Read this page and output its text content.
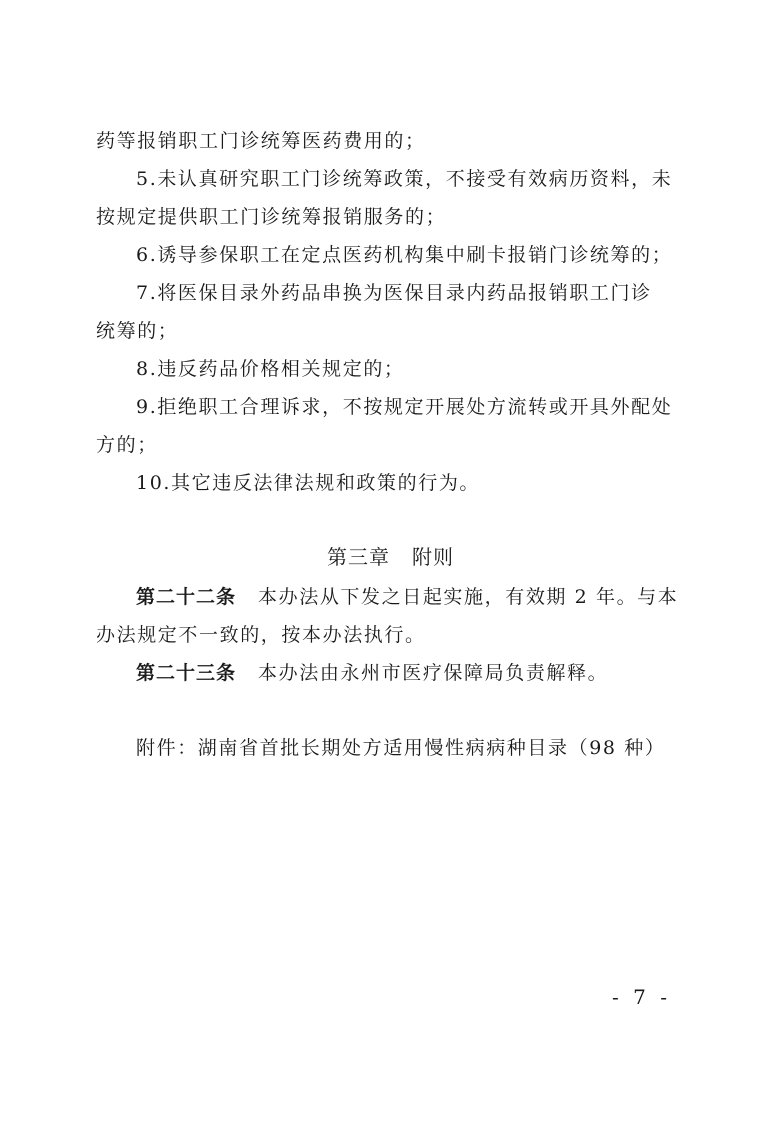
药等报销职工门诊统筹医药费用的；
5.未认真研究职工门诊统筹政策，不接受有效病历资料，未
按规定提供职工门诊统筹报销服务的；
6.诱导参保职工在定点医药机构集中刷卡报销门诊统筹的；
7.将医保目录外药品串换为医保目录内药品报销职工门诊
统筹的；
8.违反药品价格相关规定的；
9.拒绝职工合理诉求，不按规定开展处方流转或开具外配处
方的；
10.其它违反法律法规和政策的行为。
第三章 附则
第二十二条 本办法从下发之日起实施，有效期 2 年。与本
办法规定不一致的，按本办法执行。
第二十三条 本办法由永州市医疗保障局负责解释。
附件：湖南省首批长期处方适用慢性病病种目录（98 种）
- 7 -
